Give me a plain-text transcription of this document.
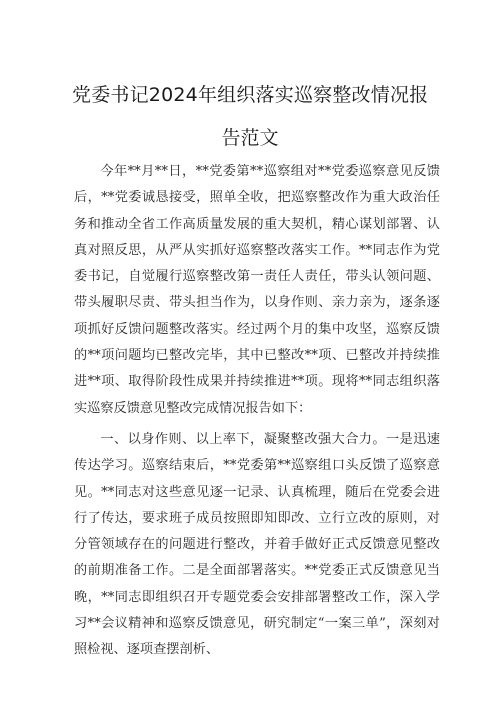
党委书记2024年组织落实巡察整改情况报
告范文

今年**月**日，**党委第**巡察组对**党委巡察意见反馈后，**党委诚恳接受，照单全收，把巡察整改作为重大政治任务和推动全省工作高质量发展的重大契机，精心谋划部署、认真对照反思，从严从实抓好巡察整改落实工作。**同志作为党委书记，自觉履行巡察整改第一责任人责任，带头认领问题、带头履职尽责、带头担当作为，以身作则、亲力亲为，逐条逐项抓好反馈问题整改落实。经过两个月的集中攻坚，巡察反馈的**项问题均已整改完毕，其中已整改**项、已整改并持续推进**项、取得阶段性成果并持续推进**项。现将**同志组织落实巡察反馈意见整改完成情况报告如下：

一、以身作则、以上率下，凝聚整改强大合力。一是迅速传达学习。巡察结束后，**党委第**巡察组口头反馈了巡察意见。**同志对这些意见逐一记录、认真梳理，随后在党委会进行了传达，要求班子成员按照即知即改、立行立改的原则，对分管领域存在的问题进行整改，并着手做好正式反馈意见整改的前期准备工作。二是全面部署落实。**党委正式反馈意见当晚，**同志即组织召开专题党委会安排部署整改工作，深入学习**会议精神和巡察反馈意见，研究制定“一案三单”，深刻对照检视、逐项查摆剖析、
